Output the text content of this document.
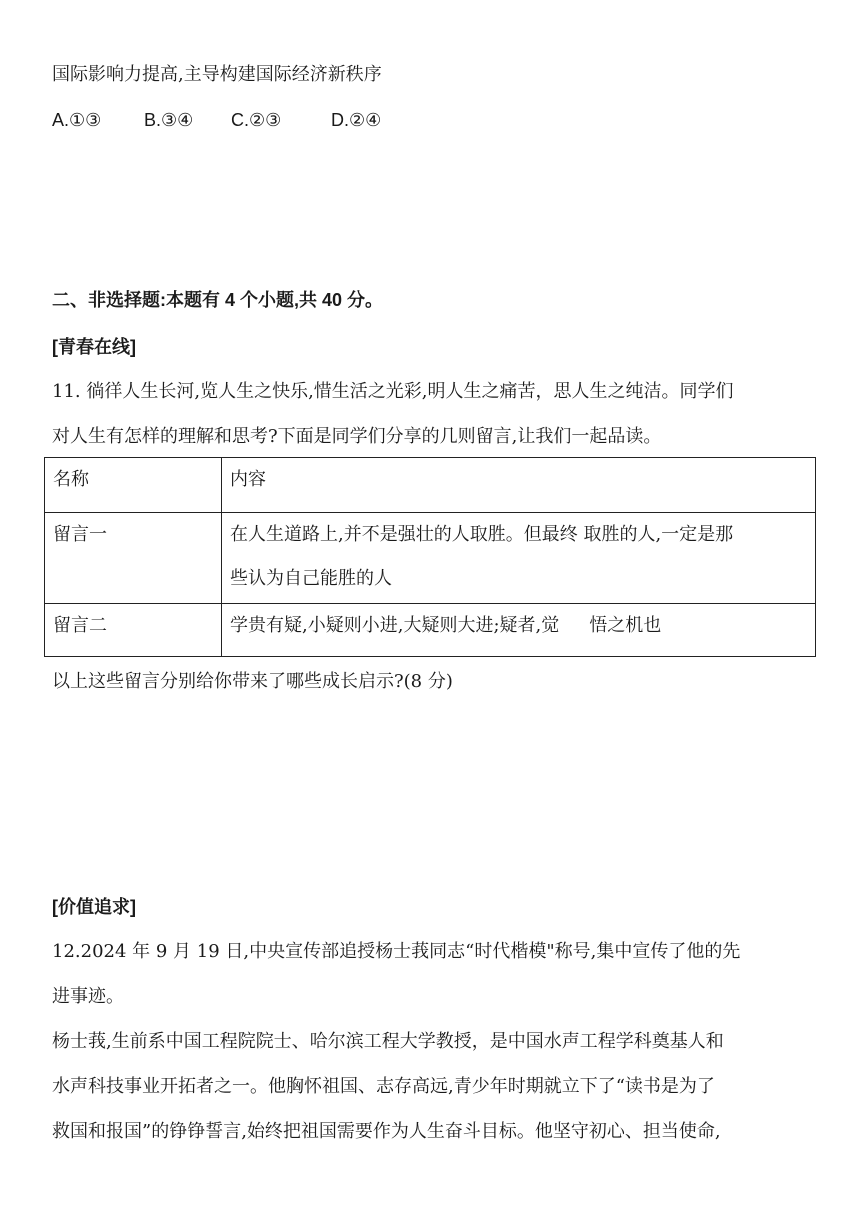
国际影响力提高,主导构建国际经济新秩序
A.①③ B.③④ C.②③	D.②④
二、非选择题:本题有 4 个小题,共 40 分。
[青春在线]
11. 徜徉人生长河,览人生之快乐,惜生活之光彩,明人生之痛苦，思人生之纯洁。同学们
对人生有怎样的理解和思考?下面是同学们分享的几则留言,让我们一起品读。
名称	内容
留言一	在人生道路上,并不是强壮的人取胜。但最终 取胜的人,一定是那
些认为自己能胜的人

留言二	学贵有疑,小疑则小进,大疑则大进;疑者,觉 悟之机也
以上这些留言分别给你带来了哪些成长启示?(8 分)
[价值追求]
12.2024 年 9 月 19 日,中央宣传部追授杨士莪同志“时代楷模"称号,集中宣传了他的先
进事迹。
杨士莪,生前系中国工程院院士、哈尔滨工程大学教授，是中国水声工程学科奠基人和
水声科技事业开拓者之一。他胸怀祖国、志存高远,青少年时期就立下了“读书是为了
救国和报国”的铮铮誓言,始终把祖国需要作为人生奋斗目标。他坚守初心、担当使命,
